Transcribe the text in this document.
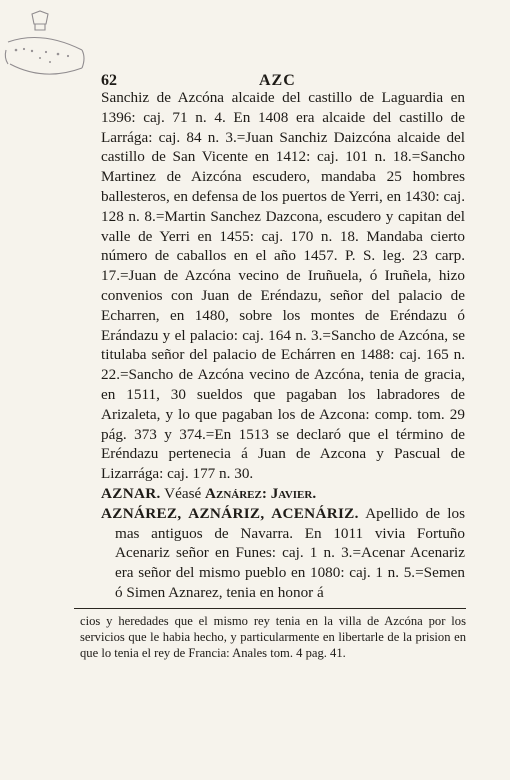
62	AZC

Sanchiz de Azcóna alcaide del castillo de Laguardia en 1396: caj. 71 n. 4. En 1408 era alcaide del castillo de Larrága: caj. 84 n. 3.=Juan Sanchiz Daizcóna alcaide del castillo de San Vicente en 1412: caj. 101 n. 18.=Sancho Martinez de Aizcóna escudero, mandaba 25 hombres ballesteros, en defensa de los puertos de Yerri, en 1430: caj. 128 n. 8.=Martin Sanchez Dazcona, escudero y capitan del valle de Yerri en 1455: caj. 170 n. 18. Mandaba cierto número de caballos en el año 1457. P. S. leg. 23 carp. 17.=Juan de Azcóna vecino de Iruñuela, ó Iruñela, hizo convenios con Juan de Eréndazu, señor del palacio de Echarren, en 1480, sobre los montes de Eréndazu ó Erándazu y el palacio: caj. 164 n. 3.=Sancho de Azcóna, se titulaba señor del palacio de Echárren en 1488: caj. 165 n. 22.=Sancho de Azcóna vecino de Azcóna, tenia de gracia, en 1511, 30 sueldos que pagaban los labradores de Arizaleta, y lo que pagaban los de Azcona: comp. tom. 29 pág. 373 y 374.=En 1513 se declaró que el término de Eréndazu pertenecia á Juan de Azcona y Pascual de Lizarrága: caj. 177 n. 30.

AZNAR. Véasé Aznárez: Javier.

AZNÁREZ, AZNÁRIZ, ACENÁRIZ. Apellido de los mas antiguos de Navarra. En 1011 vivia Fortuño Acenariz señor en Funes: caj. 1 n. 3.=Acenar Acenariz era señor del mismo pueblo en 1080: caj. 1 n. 5.=Semen ó Simen Aznarez, tenia en honor á

cios y heredades que el mismo rey tenia en la villa de Azcóna por los servicios que le habia hecho, y particularmente en libertarle de la prision en que lo tenia el rey de Francia: Anales tom. 4 pag. 41.
